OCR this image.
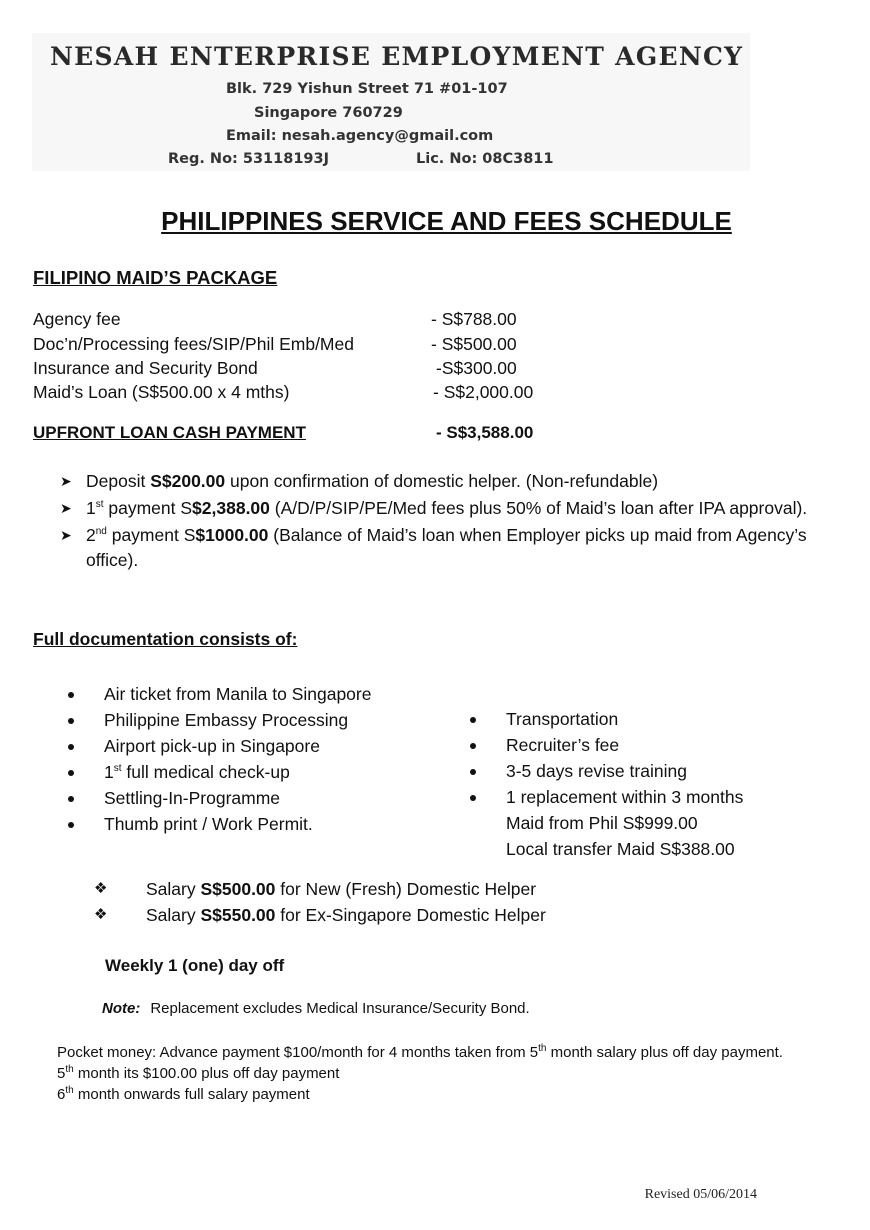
NESAH ENTERPRISE EMPLOYMENT AGENCY
Blk. 729 Yishun Street 71 #01-107
Singapore 760729
Email: nesah.agency@gmail.com
Reg. No: 53118193J	Lic. No: 08C3811
PHILIPPINES SERVICE AND FEES SCHEDULE
FILIPINO MAID’S PACKAGE
Agency fee	- S$788.00
Doc’n/Processing fees/SIP/Phil Emb/Med	- S$500.00
Insurance and Security Bond	-S$300.00
Maid’s Loan (S$500.00 x 4 mths)	- S$2,000.00
UPFRONT LOAN CASH PAYMENT	- S$3,588.00
➤ Deposit S$200.00 upon confirmation of domestic helper. (Non-refundable)
➤ 1st payment S$2,388.00 (A/D/P/SIP/PE/Med fees plus 50% of Maid’s loan after IPA approval).
➤ 2nd payment S$1000.00 (Balance of Maid’s loan when Employer picks up maid from Agency’s office).
Full documentation consists of:
Air ticket from Manila to Singapore
Philippine Embassy Processing
Airport pick-up in Singapore
1st full medical check-up
Settling-In-Programme
Thumb print / Work Permit.
Transportation
Recruiter’s fee
3-5 days revise training
1 replacement within 3 months
Maid from Phil S$999.00
Local transfer Maid S$388.00
❖ Salary S$500.00 for New (Fresh) Domestic Helper
❖ Salary S$550.00 for Ex-Singapore Domestic Helper
Weekly 1 (one) day off
Note: Replacement excludes Medical Insurance/Security Bond.
Pocket money: Advance payment $100/month for 4 months taken from 5th month salary plus off day payment.
5th month its $100.00 plus off day payment
6th month onwards full salary payment
Revised 05/06/2014
